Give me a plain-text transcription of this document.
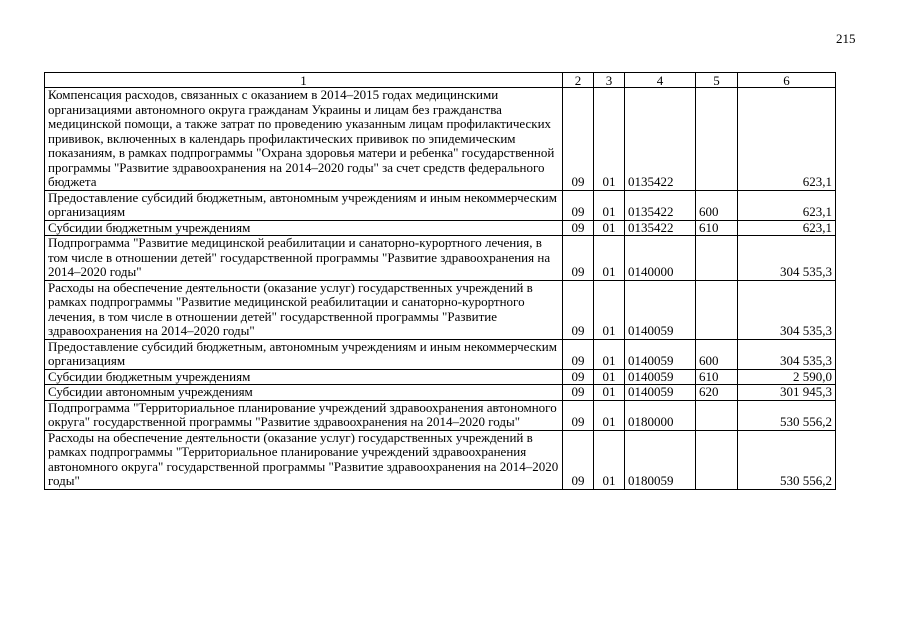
215
1	2	3	4	5	6
Компенсация расходов, связанных с оказанием в 2014–2015 годах медицинскими организациями автономного округа гражданам Украины и лицам без гражданства медицинской помощи, а также затрат по проведению указанным лицам профилактических прививок, включенных в календарь профилактических прививок по эпидемическим показаниям, в рамках подпрограммы "Охрана здоровья матери и ребенка" государственной программы "Развитие здравоохранения на 2014–2020 годы" за счет средств федерального бюджета	09	01	0135422		623,1
Предоставление субсидий бюджетным, автономным учреждениям и иным некоммерческим организациям	09	01	0135422	600	623,1
Субсидии бюджетным учреждениям	09	01	0135422	610	623,1
Подпрограмма "Развитие медицинской реабилитации и санаторно-курортного лечения, в том числе в отношении детей" государственной программы "Развитие здравоохранения на 2014–2020 годы"	09	01	0140000		304 535,3
Расходы на обеспечение деятельности (оказание услуг) государственных учреждений в рамках подпрограммы "Развитие медицинской реабилитации и санаторно-курортного лечения, в том числе в отношении детей" государственной программы "Развитие здравоохранения на 2014–2020 годы"	09	01	0140059		304 535,3
Предоставление субсидий бюджетным, автономным учреждениям и иным некоммерческим организациям	09	01	0140059	600	304 535,3
Субсидии бюджетным учреждениям	09	01	0140059	610	2 590,0
Субсидии автономным учреждениям	09	01	0140059	620	301 945,3
Подпрограмма "Территориальное планирование учреждений здравоохранения автономного округа" государственной программы "Развитие здравоохранения на 2014–2020 годы"	09	01	0180000		530 556,2
Расходы на обеспечение деятельности (оказание услуг) государственных учреждений в рамках подпрограммы "Территориальное планирование учреждений здравоохранения автономного округа" государственной программы "Развитие здравоохранения на 2014–2020 годы"	09	01	0180059		530 556,2
